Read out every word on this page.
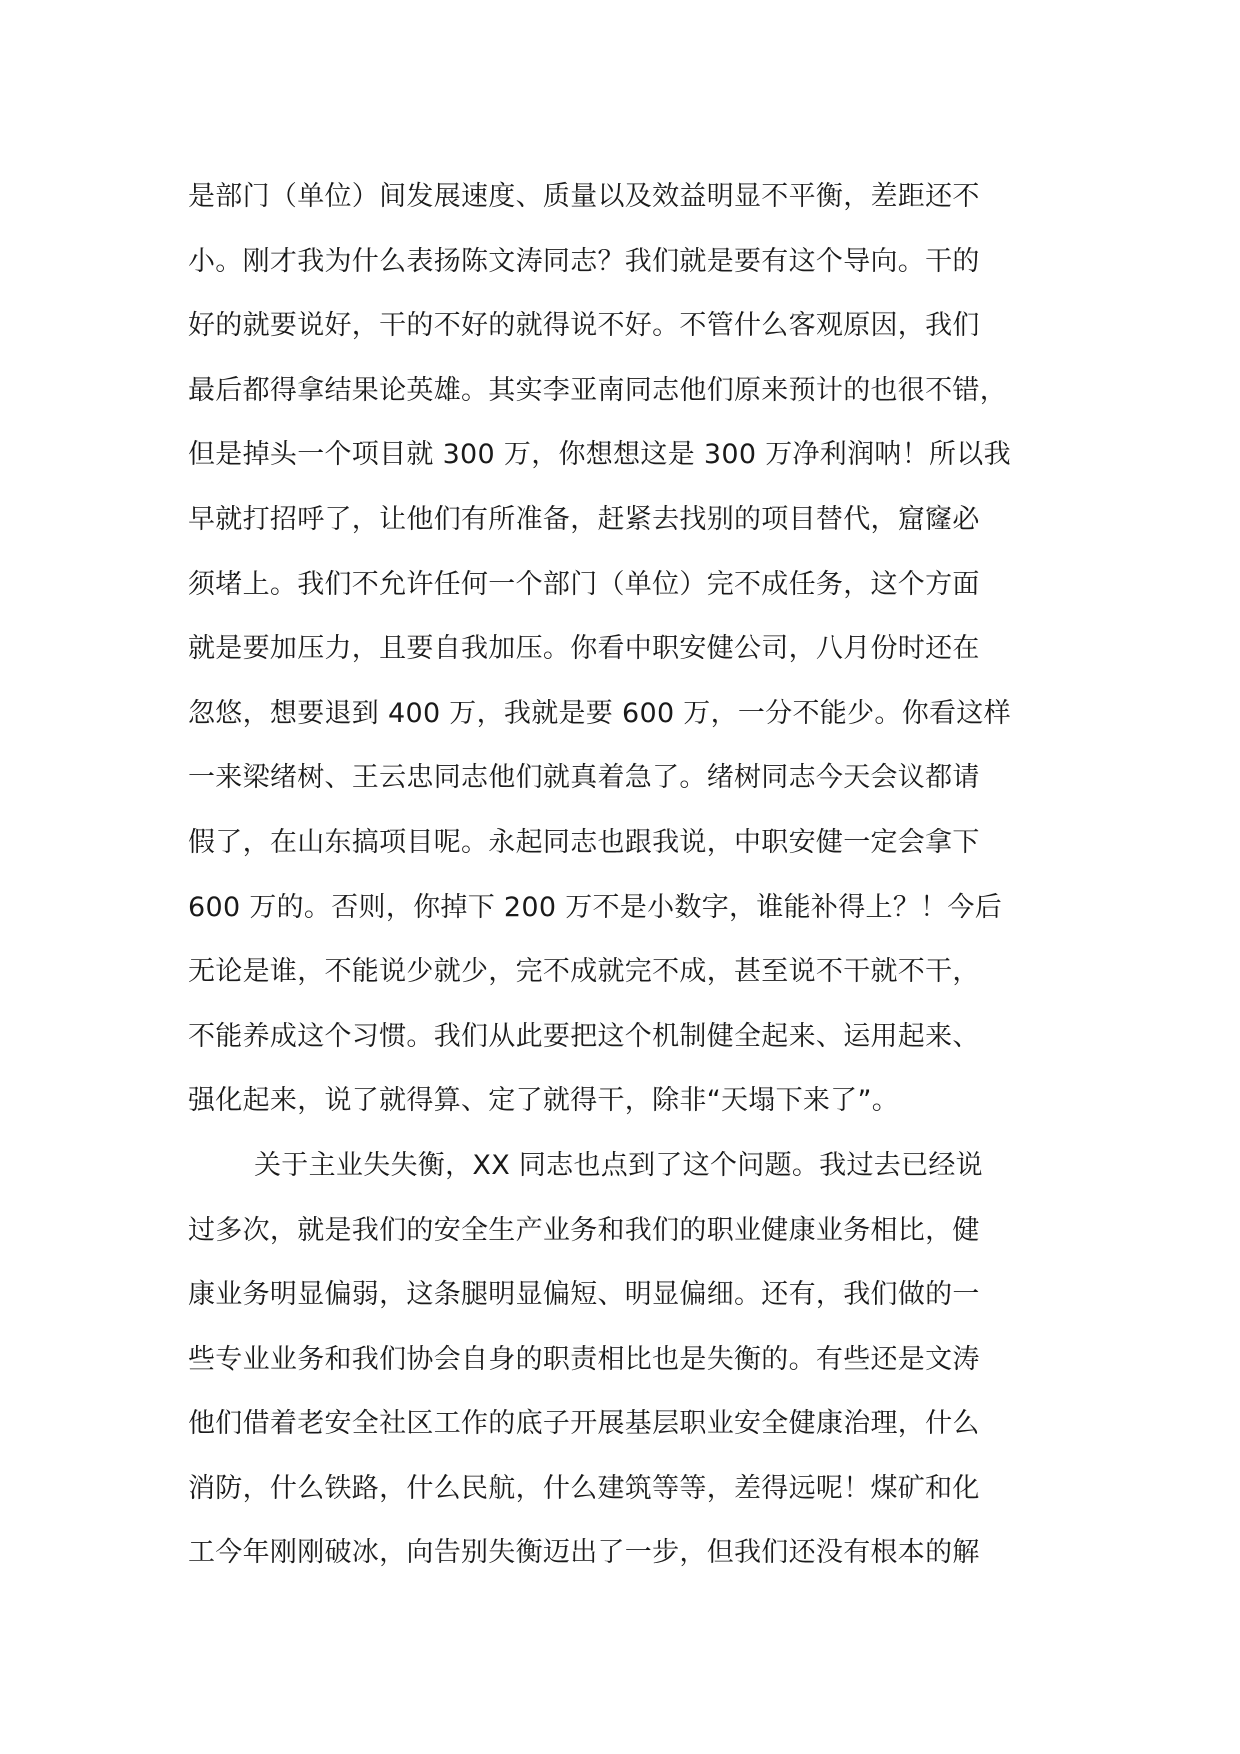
是部门（单位）间发展速度、质量以及效益明显不平衡，差距还不
小。刚才我为什么表扬陈文涛同志？我们就是要有这个导向。干的
好的就要说好，干的不好的就得说不好。不管什么客观原因，我们
最后都得拿结果论英雄。其实李亚南同志他们原来预计的也很不错，
但是掉头一个项目就 300 万，你想想这是 300 万净利润呐！所以我
早就打招呼了，让他们有所准备，赶紧去找别的项目替代，窟窿必
须堵上。我们不允许任何一个部门（单位）完不成任务，这个方面
就是要加压力，且要自我加压。你看中职安健公司，八月份时还在
忽悠，想要退到 400 万，我就是要 600 万，一分不能少。你看这样
一来梁绪树、王云忠同志他们就真着急了。绪树同志今天会议都请
假了，在山东搞项目呢。永起同志也跟我说，中职安健一定会拿下
600 万的。否则，你掉下 200 万不是小数字，谁能补得上？！今后
无论是谁，不能说少就少，完不成就完不成，甚至说不干就不干，
不能养成这个习惯。我们从此要把这个机制健全起来、运用起来、
强化起来，说了就得算、定了就得干，除非“天塌下来了”。
关于主业失失衡，XX 同志也点到了这个问题。我过去已经说
过多次，就是我们的安全生产业务和我们的职业健康业务相比，健
康业务明显偏弱，这条腿明显偏短、明显偏细。还有，我们做的一
些专业业务和我们协会自身的职责相比也是失衡的。有些还是文涛
他们借着老安全社区工作的底子开展基层职业安全健康治理，什么
消防，什么铁路，什么民航，什么建筑等等，差得远呢！煤矿和化
工今年刚刚破冰，向告别失衡迈出了一步，但我们还没有根本的解
